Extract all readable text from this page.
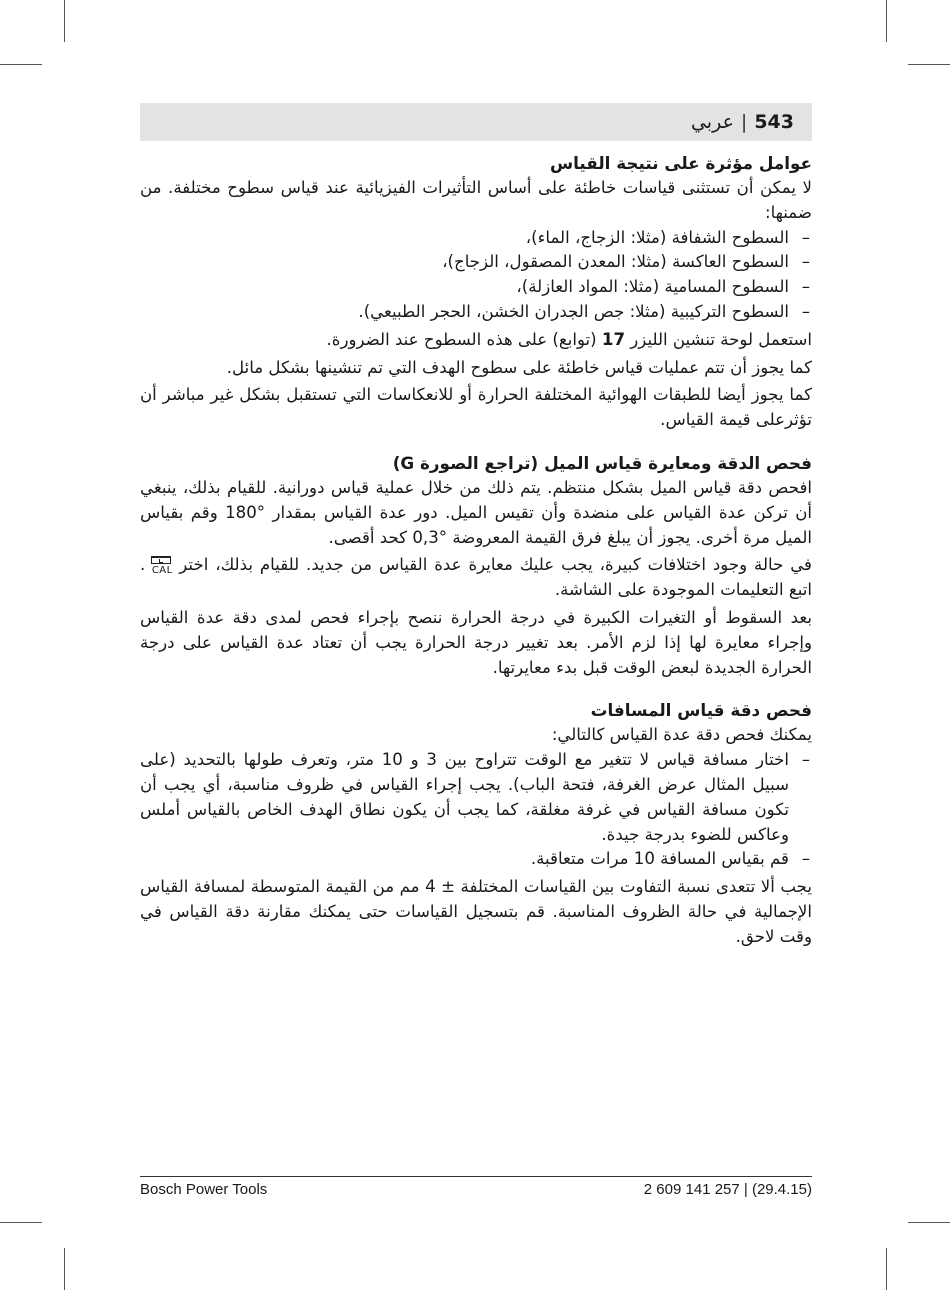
عربي | 543
عوامل مؤثرة على نتيجة القياس

لا يمكن أن تستثنى قياسات خاطئة على أساس التأثيرات الفيزيائية عند قياس سطوح مختلفة. من ضمنها:

– السطوح الشفافة (مثلا: الزجاج، الماء)،
– السطوح العاكسة (مثلا: المعدن المصقول، الزجاج)،
– السطوح المسامية (مثلا: المواد العازلة)،
– السطوح التركيبية (مثلا: جص الجدران الخشن، الحجر الطبيعي).

استعمل لوحة تنشين الليزر 17 (توابع) على هذه السطوح عند الضرورة.

كما يجوز أن تتم عمليات قياس خاطئة على سطوح الهدف التي تم تنشينها بشكل مائل.

كما يجوز أيضا للطبقات الهوائية المختلفة الحرارة أو للانعكاسات التي تستقبل بشكل غير مباشر أن تؤثرعلى قيمة القياس.

فحص الدقة ومعايرة قياس الميل (تراجع الصورة G)

افحص دقة قياس الميل بشكل منتظم. يتم ذلك من خلال عملية قياس دورانية. للقيام بذلك، ينبغي أن تركن عدة القياس على منضدة وأن تقيس الميل. دور عدة القياس بمقدار °180 وقم بقياس الميل مرة أخرى. يجوز أن يبلغ فرق القيمة المعروضة °0,3 كحد أقصى.

في حالة وجود اختلافات كبيرة، يجب عليك معايرة عدة القياس من جديد. للقيام بذلك، اختر
CAL
. اتبع التعليمات الموجودة على الشاشة.

بعد السقوط أو التغيرات الكبيرة في درجة الحرارة ننصح بإجراء فحص لمدى دقة عدة القياس وإجراء معايرة لها إذا لزم الأمر. بعد تغيير درجة الحرارة يجب أن تعتاد عدة القياس على درجة الحرارة الجديدة لبعض الوقت قبل بدء معايرتها.

فحص دقة قياس المسافات

يمكنك فحص دقة عدة القياس كالتالي:

– اختار مسافة قياس لا تتغير مع الوقت تتراوح بين 3 و 10 متر، وتعرف طولها بالتحديد (على سبيل المثال عرض الغرفة، فتحة الباب). يجب إجراء القياس في ظروف مناسبة، أي يجب أن تكون مسافة القياس في غرفة مغلقة، كما يجب أن يكون نطاق الهدف الخاص بالقياس أملس وعاكس للضوء بدرجة جيدة.
– قم بقياس المسافة 10 مرات متعاقبة.

يجب ألا تتعدى نسبة التفاوت بين القياسات المختلفة ± 4 مم من القيمة المتوسطة لمسافة القياس الإجمالية في حالة الظروف المناسبة. قم بتسجيل القياسات حتى يمكنك مقارنة دقة القياس في وقت لاحق.

Bosch Power Tools	2 609 141 257 | (29.4.15)
